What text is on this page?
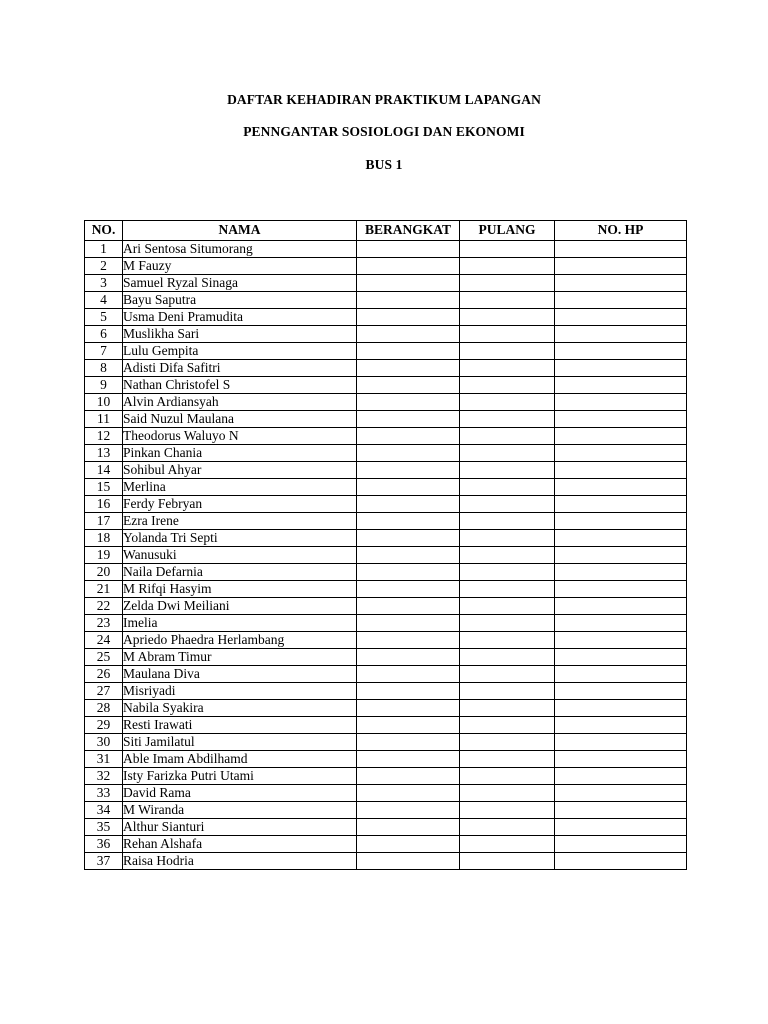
DAFTAR KEHADIRAN PRAKTIKUM LAPANGAN
PENNGANTAR SOSIOLOGI DAN EKONOMI
BUS 1
NO.	NAMA	BERANGKAT	PULANG	NO. HP
1	Ari Sentosa Situmorang			
2	M Fauzy			
3	Samuel Ryzal Sinaga			
4	Bayu Saputra			
5	Usma Deni Pramudita			
6	Muslikha Sari			
7	Lulu Gempita			
8	Adisti Difa Safitri			
9	Nathan Christofel S			
10	Alvin Ardiansyah			
11	Said Nuzul Maulana			
12	Theodorus Waluyo N			
13	Pinkan Chania			
14	Sohibul Ahyar			
15	Merlina			
16	Ferdy Febryan			
17	Ezra Irene			
18	Yolanda Tri Septi			
19	Wanusuki			
20	Naila Defarnia			
21	M Rifqi Hasyim			
22	Zelda Dwi Meiliani			
23	Imelia			
24	Apriedo Phaedra Herlambang			
25	M Abram Timur			
26	Maulana Diva			
27	Misriyadi			
28	Nabila Syakira			
29	Resti Irawati			
30	Siti Jamilatul			
31	Able Imam Abdilhamd			
32	Isty Farizka Putri Utami			
33	David Rama			
34	M Wiranda			
35	Althur Sianturi			
36	Rehan Alshafa			
37	Raisa Hodria			
